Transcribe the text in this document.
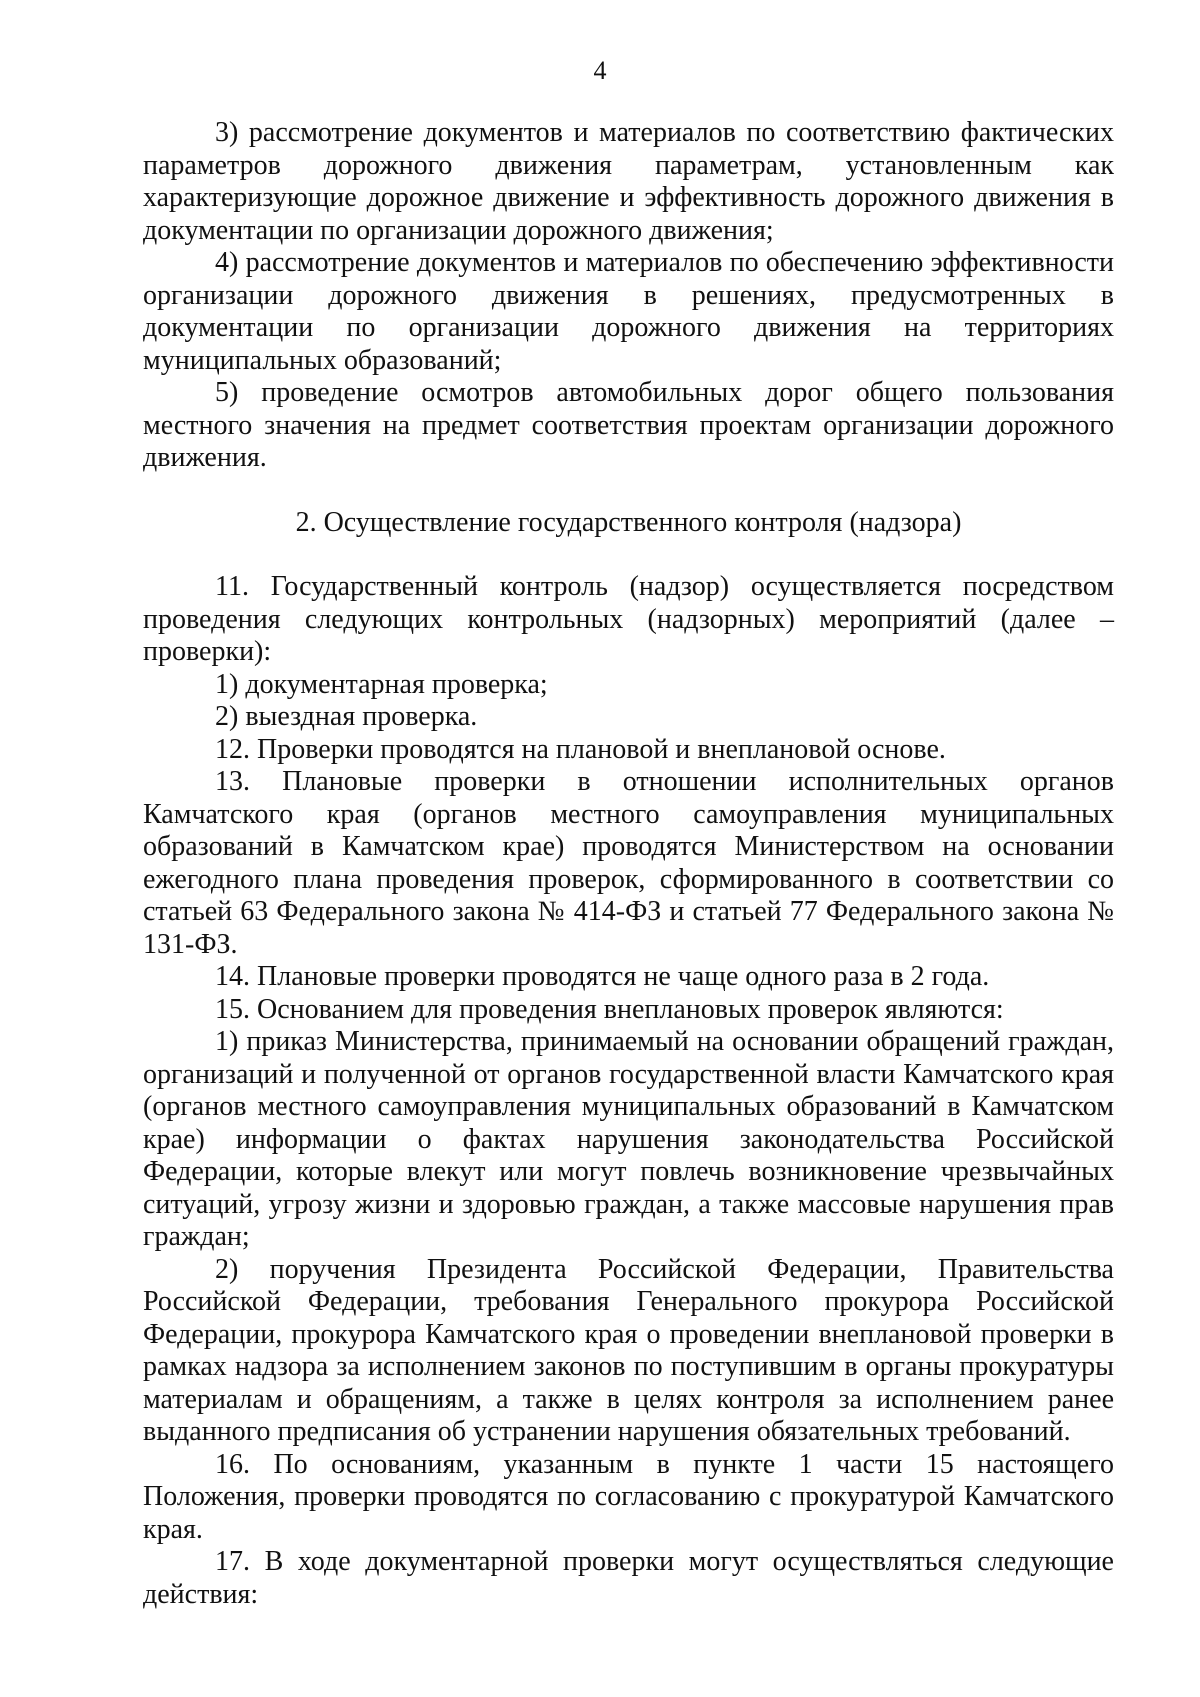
4

3) рассмотрение документов и материалов по соответствию фактических параметров дорожного движения параметрам, установленным как характеризующие дорожное движение и эффективность дорожного движения в документации по организации дорожного движения;

4) рассмотрение документов и материалов по обеспечению эффективности организации дорожного движения в решениях, предусмотренных в документации по организации дорожного движения на территориях муниципальных образований;

5) проведение осмотров автомобильных дорог общего пользования местного значения на предмет соответствия проектам организации дорожного движения.

2. Осуществление государственного контроля (надзора)

11. Государственный контроль (надзор) осуществляется посредством проведения следующих контрольных (надзорных) мероприятий (далее – проверки):

1) документарная проверка;

2) выездная проверка.

12. Проверки проводятся на плановой и внеплановой основе.

13. Плановые проверки в отношении исполнительных органов Камчатского края (органов местного самоуправления муниципальных образований в Камчатском крае) проводятся Министерством на основании ежегодного плана проведения проверок, сформированного в соответствии со статьей 63 Федерального закона № 414-ФЗ и статьей 77 Федерального закона № 131-ФЗ.

14. Плановые проверки проводятся не чаще одного раза в 2 года.

15. Основанием для проведения внеплановых проверок являются:

1) приказ Министерства, принимаемый на основании обращений граждан, организаций и полученной от органов государственной власти Камчатского края (органов местного самоуправления муниципальных образований в Камчатском крае) информации о фактах нарушения законодательства Российской Федерации, которые влекут или могут повлечь возникновение чрезвычайных ситуаций, угрозу жизни и здоровью граждан, а также массовые нарушения прав граждан;

2) поручения Президента Российской Федерации, Правительства Российской Федерации, требования Генерального прокурора Российской Федерации, прокурора Камчатского края о проведении внеплановой проверки в рамках надзора за исполнением законов по поступившим в органы прокуратуры материалам и обращениям, а также в целях контроля за исполнением ранее выданного предписания об устранении нарушения обязательных требований.

16. По основаниям, указанным в пункте 1 части 15 настоящего Положения, проверки проводятся по согласованию с прокуратурой Камчатского края.

17. В ходе документарной проверки могут осуществляться следующие действия:
